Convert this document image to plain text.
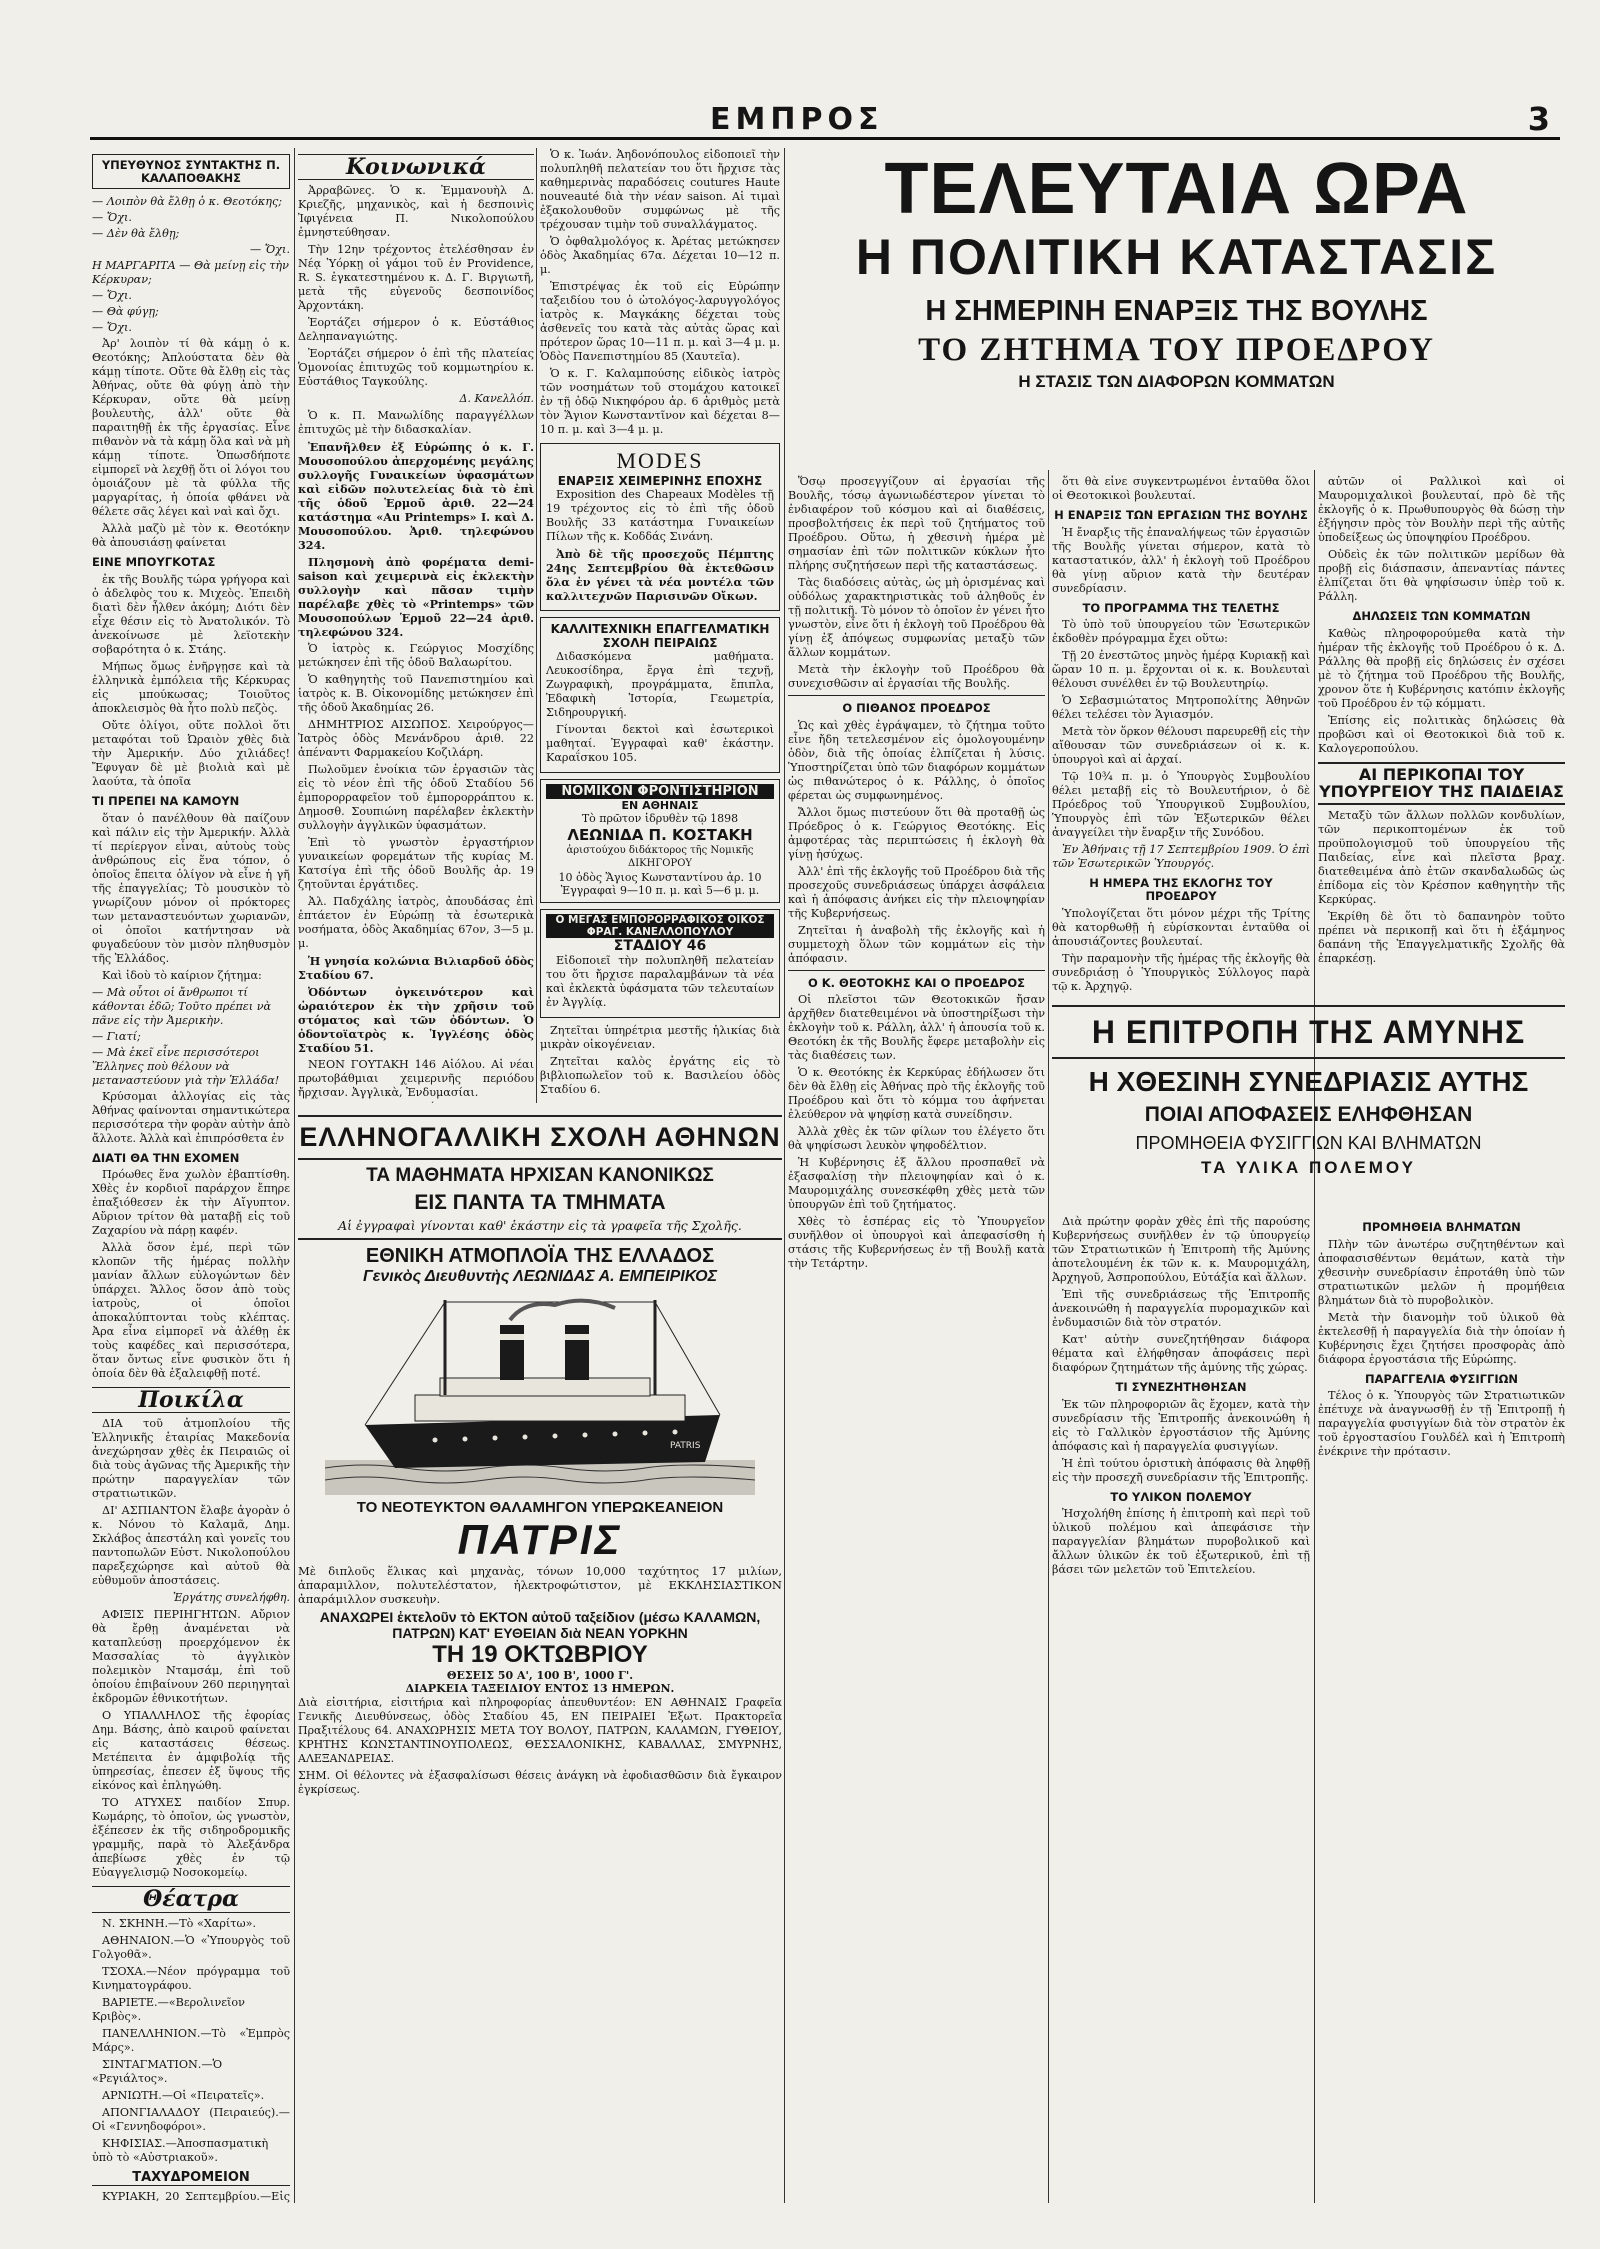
ΕΜΠΡΟΣ	3
ΥΠΕΥΘΥΝΟΣ ΣΥΝΤΑΚΤΗΣ Π. ΚΑΛΑΠΟΘΑΚΗΣ

— Λοιπὸν θὰ ἔλθῃ ὁ κ. Θεοτόκης;

— Ὄχι.

— Δὲν θὰ ἔλθῃ;

— Ὄχι.

Η ΜΑΡΓΑΡΙΤΑ — Θὰ μείνῃ εἰς τὴν Κέρκυραν;

— Ὄχι.

— Θὰ φύγῃ;

— Ὄχι.

Ἀρ' λοιπὸν τί θὰ κάμῃ ὁ κ. Θεοτόκης; Ἀπλούστατα δὲν θὰ κάμῃ τίποτε. Οὔτε θὰ ἔλθῃ εἰς τὰς Ἀθήνας, οὔτε θὰ φύγῃ ἀπὸ τὴν Κέρκυραν, οὔτε θὰ μείνῃ βουλευτὴς, ἀλλ' οὔτε θὰ παραιτηθῇ ἐκ τῆς ἐργασίας. Εἶνε πιθανὸν νὰ τὰ κάμῃ ὅλα καὶ νὰ μὴ κάμῃ τίποτε. Ὁπωσδήποτε εἰμπορεῖ νὰ λεχθῇ ὅτι οἱ λόγοι του ὁμοιάζουν μὲ τὰ φύλλα τῆς μαργαρίτας, ἡ ὁποία φθάνει νὰ θέλετε σᾶς λέγει καὶ ναὶ καὶ ὄχι.

Ἀλλὰ μαζὺ μὲ τὸν κ. Θεοτόκην θὰ ἀπουσιάσῃ φαίνεται

ΕΙΝΕ ΜΠΟΥΓΚΟΤΑΣ

ἐκ τῆς Βουλῆς τώρα γρήγορα καὶ ὁ ἀδελφὸς του κ. Μιχεὸς. Ἐπειδὴ διατὶ δὲν ἦλθεν ἀκόμη; Διότι δὲν εἶχε θέσιν εἰς τὸ Ἀνατολικόν. Τὸ ἀνεκοίνωσε μὲ λεϊοτεκὴν σοβαρότητα ὁ κ. Στάης.

Μήπως ὅμως ἐνῆργῃσε καὶ τὰ ἑλληνικὰ ἐμπόλεια τῆς Κέρκυρας εἰς μπούκωσας; Τοιοῦτος ἀποκλεισμὸς θὰ ἦτο πολὺ πεζὸς.

Οὔτε ὀλίγοι, οὔτε πολλοὶ ὅτι μεταφόται τοῦ Ὠραιὸν χθὲς διὰ τὴν Ἀμερικήν. Δύο χιλιάδες! Ἔφυγαν δὲ μὲ βιολιὰ καὶ μὲ λαούτα, τὰ ὁποῖα

ΤΙ ΠΡΕΠΕΙ ΝΑ ΚΑΜΟΥΝ

ὅταν ὁ πανέλθουν θὰ παίζουν καὶ πάλιν εἰς τὴν Ἀμερικήν. Ἀλλὰ τί περίεργον εἶναι, αὐτοὺς τοὺς ἀνθρώπους εἰς ἕνα τόπον, ὁ ὁποῖος ἔπειτα ὁλίγον νὰ εἶνε ἡ γῆ τῆς ἐπαγγελίας; Τὸ μουσικὸν τὸ γνωρίζουν μόνον οἱ πρόκτορες των μεταναστευόντων χωριανῶν, οἱ ὁποῖοι κατήντησαν νὰ φυγαδεύουν τὸν μισὸν πληθυσμὸν τῆς Ἑλλάδος.

Καὶ ἰδοὺ τὸ καίριον ζήτημα:

— Μὰ οὗτοι οἱ ἄνθρωποι τί κάθονται ἐδῶ; Τοῦτο πρέπει νὰ πᾶνε εἰς τὴν Ἀμερικὴν.

— Γιατί;

— Μὰ ἐκεῖ εἶνε περισσότεροι Ἕλληνες ποὺ θέλουν νὰ μεταναστεύουν γιὰ τὴν Ἑλλάδα!

Κρύσομαι ἀλλογίας εἰς τὰς Ἀθήνας φαίνονται σημαντικώτερα περισσότερα τὴν φορὰν αὐτὴν ἀπὸ ἄλλοτε. Ἀλλὰ καὶ ἐπιπρόσθετα ἐν

ΔΙΑΤΙ ΘΑ ΤΗΝ ΕΧΟΜΕΝ

Πρόωθες ἕνα χωλὸν ἐβαπτίσθη. Χθὲς ἐν κορδιοῖ παράρχον ἔπηρε ἐπαξιόθεσεν ἐκ τὴν Αἴγυπτον. Αὔριον τρίτον θὰ ματαβῇ εἰς τοῦ Ζαχαρίου νὰ πάρῃ καφέν.

Ἀλλὰ ὅσον ἐμέ, περὶ τῶν κλοπῶν τῆς ἡμέρας πολλὴν μανίαν ἄλλων εὐλογώντων δὲν ὑπάρχει. Ἄλλος ὅσον ἀπὸ τοὺς ἰατροὺς, οἱ ὁποῖοι ἀποκαλύπτονται τοὺς κλέπτας. Ἀρα εἶνα εἰμπορεῖ νὰ ἀλέθῃ ἐκ τοὺς καφέδες καὶ περισσότερα, ὅταν ὄντως εἶνε φυσικὸν ὅτι ἡ ὁποία δὲν θὰ ἐξαλειφθῇ ποτέ.

Ποικίλα

ΔΙΑ τοῦ ἀτμοπλοίου τῆς Ἑλληνικῆς ἑταιρίας Μακεδονία ἀνεχώρησαν χθὲς ἐκ Πειραιῶς οἱ διὰ τοὺς ἀγῶνας τῆς Ἀμερικῆς τὴν πρώτην παραγγελίαν τῶν στρατιωτικῶν.

ΔΙ' ΑΣΠΙΑΝΤΟΝ ἔλαβε ἀγορὰν ὁ κ. Νόνου τὸ Καλαμᾶ, Δημ. Σκλάβος ἀπεστάλη καὶ γονεῖς του παντοπωλῶν Εὐστ. Νικολοπούλου παρεξεχώρησε καὶ αὐτοῦ θὰ εὐθυμοῦν ἀποστάσεις.

Ἐργάτης συνελήφθη.

ΑΦΙΞΙΣ ΠΕΡΙΗΓΗΤΩΝ. Αὔριον θὰ ἔρθῃ ἀναμένεται νὰ καταπλεύσῃ προερχόμενον ἐκ Μασσαλίας τὸ ἀγγλικὸν πολεμικὸν Νταμσάμ, ἐπὶ τοῦ ὁποίου ἐπιβαίνουν 260 περιηγηταὶ ἐκδρομῶν ἐθνικοτήτων.

Ο ΥΠΑΛΛΗΛΟΣ τῆς ἐφορίας Δημ. Βάσης, ἀπὸ καιροῦ φαίνεται εἰς καταστάσεις θέσεως. Μετέπειτα ἐν ἀμφιβολίᾳ τῆς ὑπηρεσίας, ἐπεσεν ἐξ ὕψους τῆς εἰκόνος καὶ ἐπληγώθη.

ΤΟ ΑΤΥΧΕΣ παιδίον Σπυρ. Κωμάρης, τὸ ὁποῖον, ὡς γνωστὸν, ἐξέπεσεν ἐκ τῆς σιδηροδρομικῆς γραμμῆς, παρὰ τὸ Ἀλεξάνδρα ἀπεβίωσε χθὲς ἐν τῷ Εὐαγγελισμῷ Νοσοκομείῳ.

Θέατρα

Ν. ΣΚΗΝΗ.—Τὸ «Χαρίτω».

ΑΘΗΝΑΙΟΝ.—Ὁ «Ὑπουργὸς τοῦ Γολγοθᾶ».

ΤΣΟΧΑ.—Νέον πρόγραμμα τοῦ Κινηματογράφου.

ΒΑΡΙΕΤΕ.—«Βερολινεῖον Κριβὸς».

ΠΑΝΕΛΛΗΝΙΟΝ.—Τὸ «Ἐμπρὸς Μάρς».

ΣΙΝΤΑΓΜΑΤΙΟΝ.—Ὁ «Ρεγιάλτος».

ΑΡΝΙΩΤΗ.—Οἱ «Πειρατεῖς».

ΑΠΟΝΓΙΑΛΑΔΟΥ (Πειραιεύς).—Οἱ «Γεννηδοφόροι».

ΚΗΦΙΣΙΑΣ.—Ἀποσπασματικὴ ὑπὸ τὸ «Αὐστριακοῦ».

ΤΑΧΥΔΡΟΜΕΙΟΝ

ΚΥΡΙΑΚΗ, 20 Σεπτεμβρίου.—Εἰς

Κοινωνικά

Ἀρραβῶνες. Ὁ κ. Ἐμμανουὴλ Δ. Κριεζῆς, μηχανικὸς, καὶ ἡ δεσποινὶς Ἰφιγένεια Π. Νικολοπούλου ἐμνηστεύθησαν.

Τὴν 12ην τρέχοντος ἐτελέσθησαν ἐν Νέᾳ Ὑόρκῃ οἱ γάμοι τοῦ ἐν Providence, R. S. ἐγκατεστημένου κ. Δ. Γ. Βιργιωτῆ, μετὰ τῆς εὐγενοῦς δεσποινίδος Ἀρχοντάκη.

Ἑορτάζει σήμερον ὁ κ. Εὐστάθιος Δεληπαναγιώτης.

Ἐορτάζει σήμερον ὁ ἐπὶ τῆς πλατείας Ὁμονοίας ἐπιτυχῶς τοῦ κομμωτηρίου κ. Εὐστάθιος Ταγκούλης.

Δ. Κανελλόπ.

Ὁ κ. Π. Μανωλίδης παραγγέλλων ἐπιτυχῶς μὲ τὴν διδασκαλίαν.

Ἐπανῆλθεν ἐξ Εὐρώπης ὁ κ. Γ. Μουσοπούλου ἀπερχομένης μεγάλης συλλογῆς Γυναικείων ὑφασμάτων καὶ εἰδῶν πολυτελείας διὰ τὸ ἐπὶ τῆς ὁδοῦ Ἑρμοῦ ἀριθ. 22—24 κατάστημα «Au Printemps» Ι. καὶ Δ. Μουσοπούλου. Ἀριθ. τηλεφώνου 324.

Πλησμονὴ ἀπὸ φορέματα demi-saison καὶ χειμερινὰ εἰς ἐκλεκτὴν συλλογὴν καὶ πᾶσαν τιμὴν παρέλαβε χθὲς τὸ «Printemps» τῶν Μουσοπούλων Ἑρμοῦ 22—24 ἀριθ. τηλεφώνου 324.

Ὁ ἰατρὸς κ. Γεώργιος Μοσχίδης μετώκησεν ἐπὶ τῆς ὁδοῦ Βαλαωρίτου.

Ὁ καθηγητὴς τοῦ Πανεπιστημίου καὶ ἰατρὸς κ. Β. Οἰκονομίδης μετώκησεν ἐπὶ τῆς ὁδοῦ Ἀκαδημίας 26.

ΔΗΜΗΤΡΙΟΣ ΑΙΣΩΠΟΣ. Χειρούργος—Ἰατρὸς ὁδὸς Μενάνδρου ἀριθ. 22 ἀπέναντι Φαρμακείου Κοζιλάρη.

Πωλοῦμεν ἐνοίκια τῶν ἐργασιῶν τὰς εἰς τὸ νέον ἐπὶ τῆς ὁδοῦ Σταδίου 56 ἐμπορορραφεῖον τοῦ ἐμπορορράπτου κ. Δημοσθ. Σουπιώνη παρέλαβεν ἐκλεκτὴν συλλογὴν ἀγγλικῶν ὑφασμάτων.

Ἐπὶ τὸ γνωστὸν ἐργαστήριον γυναικείων φορεμάτων τῆς κυρίας Μ. Κατσίγα ἐπὶ τῆς ὁδοῦ Βουλῆς ἀρ. 19 ζητοῦνται ἐργάτιδες.

Ἀλ. Παδχάλης ἰατρὸς, ἀπουδάσας ἐπὶ ἑπτάετον ἐν Εὐρώπῃ τὰ ἐσωτερικὰ νοσήματα, ὁδὸς Ἀκαδημίας 67ον, 3—5 μ. μ.

Ἡ γνησία κολώνια Βιλιαρδοῦ ὁδὸς Σταδίου 67.

Ὀδόντων ὀγκεινότερον καὶ ὡραιότερον ἐκ τὴν χρῆσιν τοῦ στόματος καὶ τῶν ὀδόντων. Ὁ ὀδοντοϊατρὸς κ. Ἰγγλέσης ὁδὸς Σταδίου 51.

ΝΕΟΝ ΓΟΥΤΑΚΗ 146 Αἰόλου. Αἱ νέαι πρωτοβάθμιαι χειμερινῆς περιόδου ἤρχισαν. Ἀγγλικὰ, Ἐνδυμασίαι.

Ὁ κ. Ἰωάν. Ἀηδονόπουλος εἰδοποιεῖ τὴν πολυπληθῆ πελατείαν του ὅτι ἤρχισε τὰς καθημερινὰς παραδόσεις coutures Haute nouveauté διὰ τὴν νέαν saison. Αἱ τιμαὶ ἐξακολουθοῦν συμφώνως μὲ τῆς τρέχουσαν τιμὴν τοῦ συναλλάγματος.

Ὁ ὀφθαλμολόγος κ. Ἀρέτας μετώκησεν ὁδὸς Ἀκαδημίας 67α. Δέχεται 10—12 π. μ.

Ἐπιστρέψας ἐκ τοῦ εἰς Εὐρώπην ταξειδίου του ὁ ὠτολόγος-λαρυγγολόγος ἰατρὸς κ. Μαγκάκης δέχεται τοὺς ἀσθενεῖς του κατὰ τὰς αὐτὰς ὥρας καὶ πρότερον ὥρας 10—11 π. μ. καὶ 3—4 μ. μ. Ὁδὸς Πανεπιστημίου 85 (Χαυτεῖα).

Ὁ κ. Γ. Καλαμπούσης εἰδικὸς ἰατρὸς τῶν νοσημάτων τοῦ στομάχου κατοικεῖ ἐν τῇ ὁδῷ Νικηφόρου ἀρ. 6 ἀριθμὸς μετὰ τὸν Ἅγιον Κωνσταντῖνον καὶ δέχεται 8—10 π. μ. καὶ 3—4 μ. μ.

MODES
ΕΝΑΡΞΙΣ ΧΕΙΜΕΡΙΝΗΣ ΕΠΟΧΗΣ

Exposition des Chapeaux Modèles τῇ 19 τρέχοντος εἰς τὸ ἐπὶ τῆς ὁδοῦ Βουλῆς 33 κατάστημα Γυναικείων Πίλων τῆς κ. Κοδδάς Σινάνη.

Ἀπὸ δὲ τῆς προσεχοῦς Πέμπτης 24ης Σεπτεμβρίου θὰ ἐκτεθῶσιν ὅλα ἐν γένει τὰ νέα μοντέλα τῶν καλλιτεχνῶν Παρισινῶν Οἴκων.

ΚΑΛΛΙΤΕΧΝΙΚΗ ΕΠΑΓΓΕΛΜΑΤΙΚΗ ΣΧΟΛΗ ΠΕΙΡΑΙΩΣ

Διδασκόμενα μαθήματα. Λευκοσίδηρα, ἔργα ἐπὶ τεχνῇ, Ζωγραφικὴ, προγράμματα, ἔπιπλα, Ἐδαφικὴ Ἱστορία, Γεωμετρία, Σιδηρουργική.

Γίνονται δεκτοὶ καὶ ἐσωτερικοὶ μαθηταί. Ἐγγραφαὶ καθ' ἑκάστην. Καραΐσκου 105.

ΝΟΜΙΚΟΝ ΦΡΟΝΤΙΣΤΗΡΙΟΝ
ΕΝ ΑΘΗΝΑΙΣ
Τὸ πρῶτον ἱδρυθὲν τῷ 1898
ΛΕΩΝΙΔΑ Π. ΚΟΣΤΑΚΗ
ἀριστούχου διδάκτορος τῆς Νομικῆς ΔΙΚΗΓΟΡΟΥ
10 ὁδὸς Ἅγιος Κωνσταντίνου ἀρ. 10 Ἐγγραφαὶ 9—10 π. μ. καὶ 5—6 μ. μ.
Ο ΜΕΓΑΣ ΕΜΠΟΡΟΡΡΑΦΙΚΟΣ ΟΙΚΟΣ ΦΡΑΓ. ΚΑΝΕΛΛΟΠΟΥΛΟΥ
ΣΤΑΔΙΟΥ 46

Εἰδοποιεῖ τὴν πολυπληθῆ πελατείαν του ὅτι ἤρχισε παραλαμβάνων τὰ νέα καὶ ἐκλεκτὰ ὑφάσματα τῶν τελευταίων ἐν Ἀγγλίᾳ.

Ζητεῖται ὑπηρέτρια μεστῆς ἡλικίας διὰ μικρὰν οἰκογένειαν.

Ζητεῖται καλὸς ἐργάτης εἰς τὸ βιβλιοπωλεῖον τοῦ κ. Βασιλείου ὁδὸς Σταδίου 6.

ΕΛΛΗΝΟΓΑΛΛΙΚΗ ΣΧΟΛΗ ΑΘΗΝΩΝ
ΤΑ ΜΑΘΗΜΑΤΑ ΗΡΧΙΣΑΝ ΚΑΝΟΝΙΚΩΣ
ΕΙΣ ΠΑΝΤΑ ΤΑ ΤΜΗΜΑΤΑ
Αἱ ἐγγραφαὶ γίνονται καθ' ἑκάστην εἰς τὰ γραφεῖα τῆς Σχολῆς.
ΕΘΝΙΚΗ ΑΤΜΟΠΛΟΪΑ ΤΗΣ ΕΛΛΑΔΟΣ
Γενικὸς Διευθυντὴς ΛΕΩΝΙΔΑΣ Α. ΕΜΠΕΙΡΙΚΟΣ
PATRIS
ΤΟ ΝΕΟΤΕΥΚΤΟΝ ΘΑΛΑΜΗΓΟΝ ΥΠΕΡΩΚΕΑΝΕΙΟΝ
ΠΑΤΡΙΣ

Μὲ διπλοῦς ἕλικας καὶ μηχανὰς, τόνων 10,000 ταχύτητος 17 μιλίων, ἀπαραμιλλον, πολυτελέστατον, ἠλεκτροφώτιστον, μὲ ΕΚΚΛΗΣΙΑΣΤΙΚΟΝ ἀπαράμιλλον συσκευὴν.

ΑΝΑΧΩΡΕΙ ἐκτελοῦν τὸ ΕΚΤΟΝ αὐτοῦ ταξείδιον (μέσω ΚΑΛΑΜΩΝ, ΠΑΤΡΩΝ) ΚΑΤ' ΕΥΘΕΙΑΝ διὰ ΝΕΑΝ ΥΟΡΚΗΝ
ΤΗ 19 ΟΚΤΩΒΡΙΟΥ
ΘΕΣΕΙΣ 50 Α', 100 Β', 1000 Γ'.
ΔΙΑΡΚΕΙΑ ΤΑΞΕΙΔΙΟΥ ΕΝΤΟΣ 13 ΗΜΕΡΩΝ.

Διὰ εἰσιτήρια, εἰσιτήρια καὶ πληροφορίας ἀπευθυντέον: ΕΝ ΑΘΗΝΑΙΣ Γραφεῖα Γενικῆς Διευθύνσεως, ὁδὸς Σταδίου 45, ΕΝ ΠΕΙΡΑΙΕΙ Ἐξωτ. Πρακτορεῖα Πραξιτέλους 64. ΑΝΑΧΩΡΗΣΙΣ ΜΕΤΑ ΤΟΥ ΒΟΛΟΥ, ΠΑΤΡΩΝ, ΚΑΛΑΜΩΝ, ΓΥΘΕΙΟΥ, ΚΡΗΤΗΣ ΚΩΝΣΤΑΝΤΙΝΟΥΠΟΛΕΩΣ, ΘΕΣΣΑΛΟΝΙΚΗΣ, ΚΑΒΑΛΛΑΣ, ΣΜΥΡΝΗΣ, ΑΛΕΞΑΝΔΡΕΙΑΣ.

ΣΗΜ. Οἱ θέλοντες νὰ ἐξασφαλίσωσι θέσεις ἀνάγκη νὰ ἐφοδιασθῶσιν διὰ ἔγκαιρον ἐγκρίσεως.

ΤΕΛΕΥΤΑΙΑ ΩΡΑ
Η ΠΟΛΙΤΙΚΗ ΚΑΤΑΣΤΑΣΙΣ
Η ΣΗΜΕΡΙΝΗ ΕΝΑΡΞΙΣ ΤΗΣ ΒΟΥΛΗΣ
ΤΟ ΖΗΤΗΜΑ ΤΟΥ ΠΡΟΕΔΡΟΥ
Η ΣΤΑΣΙΣ ΤΩΝ ΔΙΑΦΟΡΩΝ ΚΟΜΜΑΤΩΝ

Ὅσῳ προσεγγίζουν αἱ ἐργασίαι τῆς Βουλῆς, τόσῳ ἀγωνιωδέστερον γίνεται τὸ ἐνδιαφέρον τοῦ κόσμου καὶ αἱ διαθέσεις, προσβολτήσεις ἐκ περὶ τοῦ ζητήματος τοῦ Προέδρου. Οὕτω, ἡ χθεσινὴ ἡμέρα μὲ σημασίαν ἐπὶ τῶν πολιτικῶν κύκλων ἦτο πλήρης συζητήσεων περὶ τῆς καταστάσεως.

Τὰς διαδόσεις αὐτὰς, ὡς μὴ ὁρισμένας καὶ οὐδόλως χαρακτηριστικὰς τοῦ ἀληθοῦς ἐν τῇ πολιτικῇ. Τὸ μόνον τὸ ὁποῖον ἐν γένει ἦτο γνωστὸν, εἶνε ὅτι ἡ ἐκλογὴ τοῦ Προέδρου θὰ γίνῃ ἐξ ἀπόψεως συμφωνίας μεταξὺ τῶν ἄλλων κομμάτων.

Μετὰ τὴν ἐκλογὴν τοῦ Προέδρου θὰ συνεχισθῶσιν αἱ ἐργασίαι τῆς Βουλῆς.

Ο ΠΙΘΑΝΟΣ ΠΡΟΕΔΡΟΣ

Ὡς καὶ χθὲς ἐγράψαμεν, τὸ ζήτημα τοῦτο εἶνε ἤδη τετελεσμένον εἰς ὁμολογουμένην ὁδὸν, διὰ τῆς ὁποίας ἐλπίζεται ἡ λύσις. Ὑποστηρίζεται ὑπὸ τῶν διαφόρων κομμάτων ὡς πιθανώτερος ὁ κ. Ράλλης, ὁ ὁποῖος φέρεται ὡς συμφωνημένος.

Ἄλλοι ὅμως πιστεύουν ὅτι θὰ προταθῇ ὡς Πρόεδρος ὁ κ. Γεώργιος Θεοτόκης. Εἰς ἀμφοτέρας τὰς περιπτώσεις ἡ ἐκλογὴ θὰ γίνῃ ἡσύχως.

Ἀλλ' ἐπὶ τῆς ἐκλογῆς τοῦ Προέδρου διὰ τῆς προσεχοῦς συνεδριάσεως ὑπάρχει ἀσφάλεια καὶ ἡ ἀπόφασις ἀνήκει εἰς τὴν πλειοψηφίαν τῆς Κυβερνήσεως.

Ζητεῖται ἡ ἀναβολὴ τῆς ἐκλογῆς καὶ ἡ συμμετοχὴ ὅλων τῶν κομμάτων εἰς τὴν ἀπόφασιν.

Ο Κ. ΘΕΟΤΟΚΗΣ ΚΑΙ Ο ΠΡΟΕΔΡΟΣ

Οἱ πλεῖστοι τῶν Θεοτοκικῶν ἤσαν ἀρχῆθεν διατεθειμένοι νὰ ὑποστηρίξωσι τὴν ἐκλογὴν τοῦ κ. Ράλλη, ἀλλ' ἡ ἀπουσία τοῦ κ. Θεοτόκη ἐκ τῆς Βουλῆς ἔφερε μεταβολὴν εἰς τὰς διαθέσεις των.

Ὁ κ. Θεοτόκης ἐκ Κερκύρας ἐδήλωσεν ὅτι δὲν θὰ ἔλθῃ εἰς Ἀθήνας πρὸ τῆς ἐκλογῆς τοῦ Προέδρου καὶ ὅτι τὸ κόμμα του ἀφήνεται ἐλεύθερον νὰ ψηφίσῃ κατὰ συνείδησιν.

Ἀλλὰ χθὲς ἐκ τῶν φίλων του ἐλέγετο ὅτι θὰ ψηφίσωσι λευκὸν ψηφοδέλτιον.

Ἡ Κυβέρνησις ἐξ ἄλλου προσπαθεῖ νὰ ἐξασφαλίσῃ τὴν πλειοψηφίαν καὶ ὁ κ. Μαυρομιχάλης συνεσκέφθη χθὲς μετὰ τῶν ὑπουργῶν ἐπὶ τοῦ ζητήματος.

Χθὲς τὸ ἑσπέρας εἰς τὸ Ὑπουργεῖον συνῆλθον οἱ ὑπουργοὶ καὶ ἀπεφασίσθη ἡ στάσις τῆς Κυβερνήσεως ἐν τῇ Βουλῇ κατὰ τὴν Τετάρτην.

ὅτι θὰ εἶνε συγκεντρωμένοι ἐνταῦθα ὅλοι οἱ Θεοτοκικοὶ βουλευταί.

Η ΕΝΑΡΞΙΣ ΤΩΝ ΕΡΓΑΣΙΩΝ ΤΗΣ ΒΟΥΛΗΣ

Ἡ ἔναρξις τῆς ἐπαναλήψεως τῶν ἐργασιῶν τῆς Βουλῆς γίνεται σήμερον, κατὰ τὸ καταστατικόν, ἀλλ' ἡ ἐκλογὴ τοῦ Προέδρου θὰ γίνῃ αὔριον κατὰ τὴν δευτέραν συνεδρίασιν.

ΤΟ ΠΡΟΓΡΑΜΜΑ ΤΗΣ ΤΕΛΕΤΗΣ

Τὸ ὑπὸ τοῦ ὑπουργείου τῶν Ἐσωτερικῶν ἐκδοθὲν πρόγραμμα ἔχει οὕτω:

Τῇ 20 ἐνεστῶτος μηνὸς ἡμέρᾳ Κυριακῇ καὶ ὥραν 10 π. μ. ἔρχονται οἱ κ. κ. Βουλευταὶ θέλουσι συνέλθει ἐν τῷ Βουλευτηρίῳ.

Ὁ Σεβασμιώτατος Μητροπολίτης Ἀθηνῶν θέλει τελέσει τὸν Ἁγιασμόν.

Μετὰ τὸν ὅρκον θέλουσι παρευρεθῇ εἰς τὴν αἴθουσαν τῶν συνεδριάσεων οἱ κ. κ. ὑπουργοὶ καὶ αἱ ἀρχαί.

Τῷ 10¾ π. μ. ὁ Ὑπουργὸς Συμβουλίου θέλει μεταβῇ εἰς τὸ Βουλευτήριον, ὁ δὲ Πρόεδρος τοῦ Ὑπουργικοῦ Συμβουλίου, Ὑπουργὸς ἐπὶ τῶν Ἐξωτερικῶν θέλει ἀναγγείλει τὴν ἔναρξιν τῆς Συνόδου.

Ἐν Ἀθήναις τῇ 17 Σεπτεμβρίου 1909. Ὁ ἐπὶ τῶν Ἐσωτερικῶν Ὑπουργός.

Η ΗΜΕΡΑ ΤΗΣ ΕΚΛΟΓΗΣ ΤΟΥ ΠΡΟΕΔΡΟΥ

Ὑπολογίζεται ὅτι μόνον μέχρι τῆς Τρίτης θὰ κατορθωθῇ ἡ εὑρίσκονται ἐνταῦθα οἱ ἀπουσιάζοντες βουλευταί.

Τὴν παραμονὴν τῆς ἡμέρας τῆς ἐκλογῆς θὰ συνεδριάσῃ ὁ Ὑπουργικὸς Σύλλογος παρὰ τῷ κ. Ἀρχηγῷ.

αὐτῶν οἱ Ραλλικοὶ καὶ οἱ Μαυρομιχαλικοὶ βουλευταί, πρὸ δὲ τῆς ἐκλογῆς ὁ κ. Πρωθυπουργὸς θὰ δώσῃ τὴν ἐξήγησιν πρὸς τὸν Βουλὴν περὶ τῆς αὐτῆς ὑποδείξεως ὡς ὑποψηφίου Προέδρου.

Οὐδεὶς ἐκ τῶν πολιτικῶν μερίδων θὰ προβῇ εἰς διάσπασιν, ἀπεναντίας πάντες ἐλπίζεται ὅτι θὰ ψηφίσωσιν ὑπὲρ τοῦ κ. Ράλλη.

ΔΗΛΩΣΕΙΣ ΤΩΝ ΚΟΜΜΑΤΩΝ

Καθὼς πληροφορούμεθα κατὰ τὴν ἡμέραν τῆς ἐκλογῆς τοῦ Προέδρου ὁ κ. Δ. Ράλλης θὰ προβῇ εἰς δηλώσεις ἐν σχέσει μὲ τὸ ζήτημα τοῦ Προέδρου τῆς Βουλῆς, χρονον ὅτε ἡ Κυβέρνησις κατόπιν ἐκλογῆς τοῦ Προέδρου ἐν τῷ κόμματι.

Ἐπίσης εἰς πολιτικὰς δηλώσεις θὰ προβῶσι καὶ οἱ Θεοτοκικοὶ διὰ τοῦ κ. Καλογεροπούλου.

ΑΙ ΠΕΡΙΚΟΠΑΙ ΤΟΥ ΥΠΟΥΡΓΕΙΟΥ ΤΗΣ ΠΑΙΔΕΙΑΣ

Μεταξὺ τῶν ἄλλων πολλῶν κονδυλίων, τῶν περικοπτομένων ἐκ τοῦ προϋπολογισμοῦ τοῦ ὑπουργείου τῆς Παιδείας, εἶνε καὶ πλεῖστα βραχ. διατεθειμένα ἀπὸ ἐτῶν σκανδαλωδῶς ὡς ἐπίδομα εἰς τὸν Κρέσπον καθηγητὴν τῆς Κερκύρας.

Ἐκρίθη δὲ ὅτι τὸ δαπανηρὸν τοῦτο πρέπει νὰ περικοπῇ καὶ ὅτι ἡ ἑξάμηνος δαπάνη τῆς Ἐπαγγελματικῆς Σχολῆς θὰ ἐπαρκέσῃ.

Η ΕΠΙΤΡΟΠΗ ΤΗΣ ΑΜΥΝΗΣ
Η ΧΘΕΣΙΝΗ ΣΥΝΕΔΡΙΑΣΙΣ ΑΥΤΗΣ
ΠΟΙΑΙ ΑΠΟΦΑΣΕΙΣ ΕΛΗΦΘΗΣΑΝ
ΠΡΟΜΗΘΕΙΑ ΦΥΣΙΓΓΙΩΝ ΚΑΙ ΒΛΗΜΑΤΩΝ
ΤΑ ΥΛΙΚΑ ΠΟΛΕΜΟΥ

Διὰ πρώτην φορὰν χθὲς ἐπὶ τῆς παρούσης Κυβερνήσεως συνῆλθεν ἐν τῷ ὑπουργείῳ τῶν Στρατιωτικῶν ἡ Ἐπιτροπὴ τῆς Ἀμύνης ἀποτελουμένη ἐκ τῶν κ. κ. Μαυρομιχάλη, Ἀρχηγοῦ, Ἀσπροπούλου, Εὐτάξία καὶ ἄλλων.

Ἐπὶ τῆς συνεδριάσεως τῆς Ἐπιτροπῆς ἀνεκοινώθη ἡ παραγγελία πυρομαχικῶν καὶ ἐνδυμασιῶν διὰ τὸν στρατόν.

Κατ' αὐτὴν συνεζητήθησαν διάφορα θέματα καὶ ἐλήφθησαν ἀποφάσεις περὶ διαφόρων ζητημάτων τῆς ἀμύνης τῆς χώρας.

ΤΙ ΣΥΝΕΖΗΤΗΘΗΣΑΝ

Ἐκ τῶν πληροφοριῶν ἃς ἔχομεν, κατὰ τὴν συνεδρίασιν τῆς Ἐπιτροπῆς ἀνεκοινώθη ἡ εἰς τὸ Γαλλικὸν ἐργοστάσιον τῆς Ἀμύνης ἀπόφασις καὶ ἡ παραγγελία φυσιγγίων.

Ἡ ἐπὶ τούτου ὁριστικὴ ἀπόφασις θὰ ληφθῇ εἰς τὴν προσεχῆ συνεδρίασιν τῆς Ἐπιτροπῆς.

ΤΟ ΥΛΙΚΟΝ ΠΟΛΕΜΟΥ

Ἠσχολήθη ἐπίσης ἡ ἐπιτροπὴ καὶ περὶ τοῦ ὑλικοῦ πολέμου καὶ ἀπεφάσισε τὴν παραγγελίαν βλημάτων πυροβολικοῦ καὶ ἄλλων ὑλικῶν ἐκ τοῦ ἐξωτερικοῦ, ἐπὶ τῇ βάσει τῶν μελετῶν τοῦ Ἐπιτελείου.

ΠΡΟΜΗΘΕΙΑ ΒΛΗΜΑΤΩΝ

Πλὴν τῶν ἀνωτέρω συζητηθέντων καὶ ἀποφασισθέντων θεμάτων, κατὰ τὴν χθεσινὴν συνεδρίασιν ἐπροτάθη ὑπὸ τῶν στρατιωτικῶν μελῶν ἡ προμήθεια βλημάτων διὰ τὸ πυροβολικὸν.

Μετὰ τὴν διανομὴν τοῦ ὑλικοῦ θὰ ἐκτελεσθῇ ἡ παραγγελία διὰ τὴν ὁποίαν ἡ Κυβέρνησις ἔχει ζητήσει προσφορὰς ἀπὸ διάφορα ἐργοστάσια τῆς Εὐρώπης.

ΠΑΡΑΓΓΕΛΙΑ ΦΥΣΙΓΓΙΩΝ

Τέλος ὁ κ. Ὑπουργὸς τῶν Στρατιωτικῶν ἐπέτυχε νὰ ἀναγνωσθῇ ἐν τῇ Ἐπιτροπῇ ἡ παραγγελία φυσιγγίων διὰ τὸν στρατὸν ἐκ τοῦ ἐργοστασίου Γουλδέλ καὶ ἡ Ἐπιτροπὴ ἐνέκρινε τὴν πρότασιν.
